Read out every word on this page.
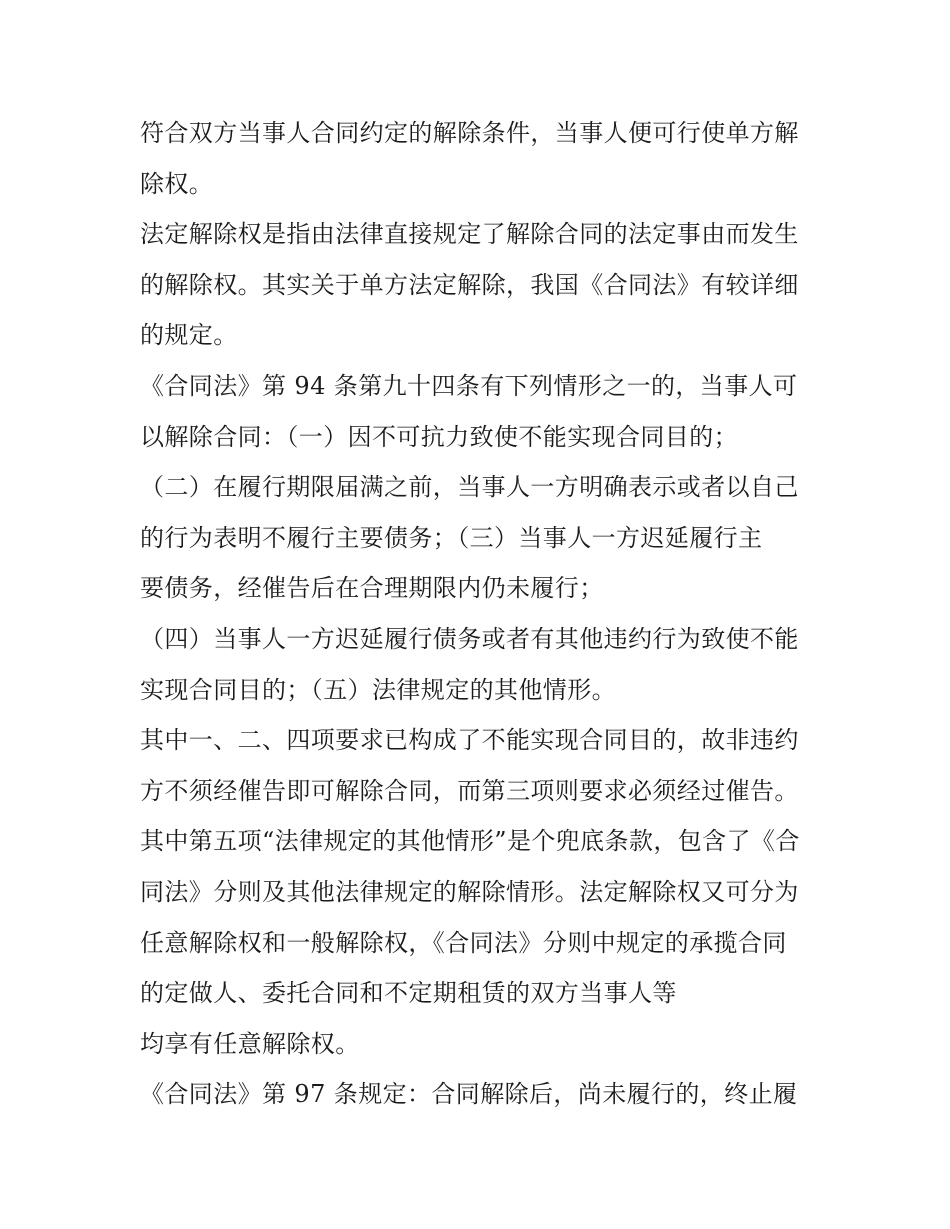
符合双方当事人合同约定的解除条件，当事人便可行使单方解
除权。
法定解除权是指由法律直接规定了解除合同的法定事由而发生
的解除权。其实关于单方法定解除，我国《合同法》有较详细
的规定。
《合同法》第 94 条第九十四条有下列情形之一的，当事人可
以解除合同：（一）因不可抗力致使不能实现合同目的；
（二）在履行期限届满之前，当事人一方明确表示或者以自己
的行为表明不履行主要债务；（三）当事人一方迟延履行主
要债务，经催告后在合理期限内仍未履行；
（四）当事人一方迟延履行债务或者有其他违约行为致使不能
实现合同目的；（五）法律规定的其他情形。
其中一、二、四项要求已构成了不能实现合同目的，故非违约
方不须经催告即可解除合同，而第三项则要求必须经过催告。
其中第五项“法律规定的其他情形”是个兜底条款，包含了《合
同法》分则及其他法律规定的解除情形。法定解除权又可分为
任意解除权和一般解除权，《合同法》分则中规定的承揽合同
的定做人、委托合同和不定期租赁的双方当事人等
均享有任意解除权。
《合同法》第 97 条规定：合同解除后，尚未履行的，终止履
